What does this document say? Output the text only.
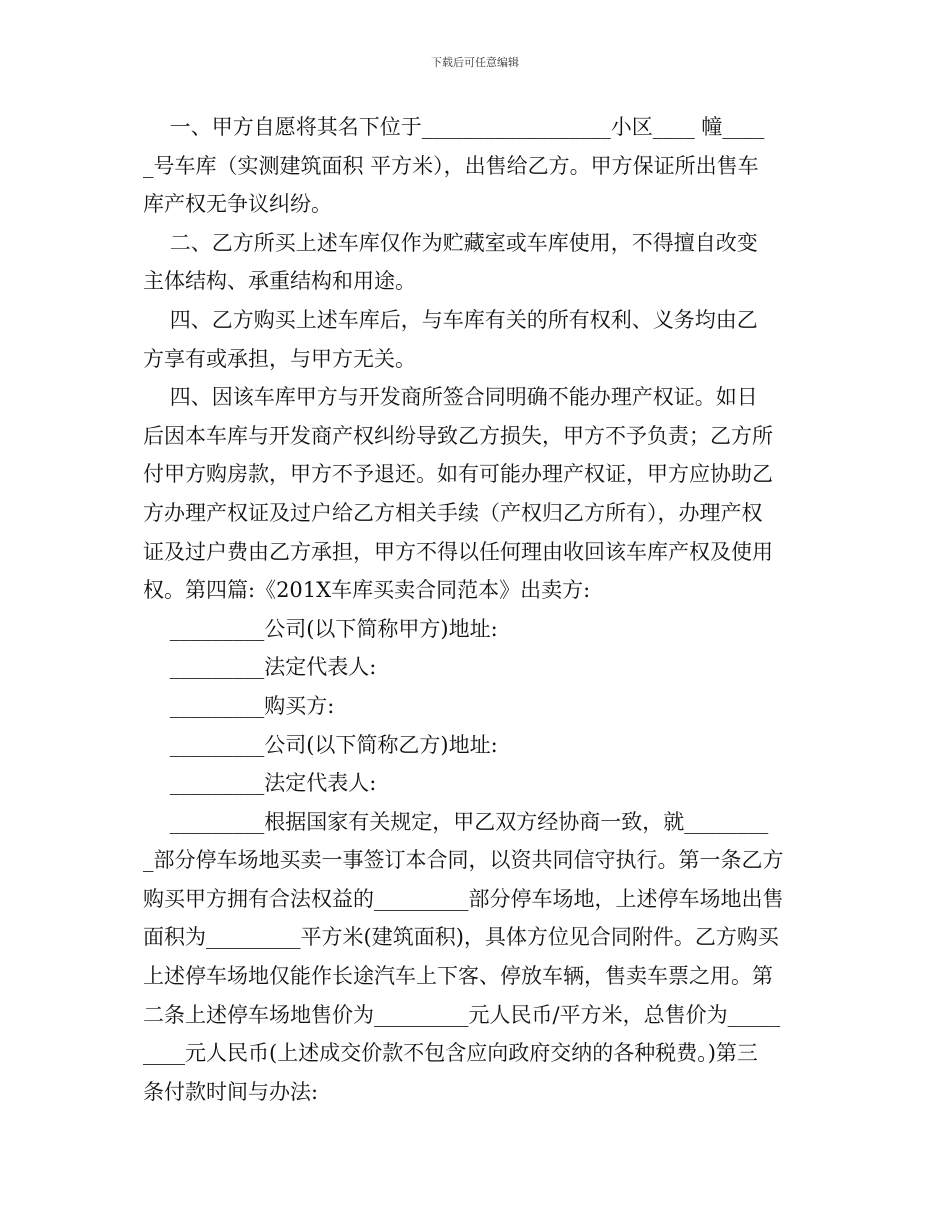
下载后可任意编辑
一、甲方自愿将其名下位于__________________小区____ 幢____
_号车库（实测建筑面积 平方米），出售给乙方。甲方保证所出售车
库产权无争议纠纷。
二、乙方所买上述车库仅作为贮藏室或车库使用，不得擅自改变
主体结构、承重结构和用途。
四、乙方购买上述车库后，与车库有关的所有权利、义务均由乙
方享有或承担，与甲方无关。
四、因该车库甲方与开发商所签合同明确不能办理产权证。如日
后因本车库与开发商产权纠纷导致乙方损失，甲方不予负责；乙方所
付甲方购房款，甲方不予退还。如有可能办理产权证，甲方应协助乙
方办理产权证及过户给乙方相关手续（产权归乙方所有），办理产权
证及过户费由乙方承担，甲方不得以任何理由收回该车库产权及使用
权。第四篇:《201X车库买卖合同范本》出卖方:
_________公司(以下简称甲方)地址:
_________法定代表人:
_________购买方:
_________公司(以下简称乙方)地址:
_________法定代表人:
_________根据国家有关规定，甲乙双方经协商一致，就________
_部分停车场地买卖一事签订本合同，以资共同信守执行。第一条乙方
购买甲方拥有合法权益的_________部分停车场地，上述停车场地出售
面积为_________平方米(建筑面积)，具体方位见合同附件。乙方购买
上述停车场地仅能作长途汽车上下客、停放车辆，售卖车票之用。第
二条上述停车场地售价为_________元人民币/平方米，总售价为_____
____元人民币(上述成交价款不包含应向政府交纳的各种税费。)第三
条付款时间与办法:
